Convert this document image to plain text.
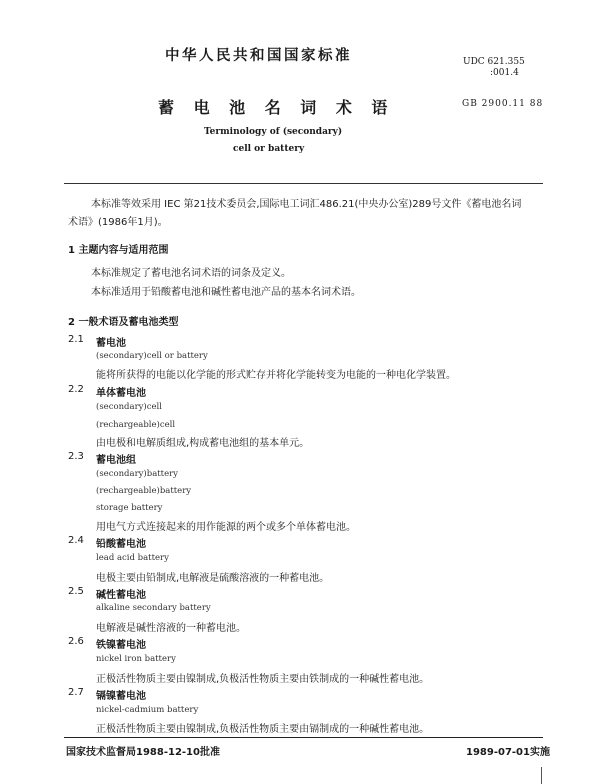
中华人民共和国国家标准	UDC 621.355
:001.4
蓄 电 池 名 词 术 语	GB 2900.11 88
Terminology of (secondary)
cell or battery
本标准等效采用 IEC 第21技术委员会,国际电工词汇486.21(中央办公室)289号文件《蓄电池名词
术语》(1986年1月)。
1 主题内容与适用范围
本标准规定了蓄电池名词术语的词条及定义。
本标准适用于铅酸蓄电池和碱性蓄电池产品的基本名词术语。
2 一般术语及蓄电池类型
2.1 蓄电池
(secondary)cell or battery
能将所获得的电能以化学能的形式贮存并将化学能转变为电能的一种电化学装置。
2.2 单体蓄电池
(secondary)cell
(rechargeable)cell
由电极和电解质组成,构成蓄电池组的基本单元。
2.3 蓄电池组
(secondary)battery
(rechargeable)battery
storage battery
用电气方式连接起来的用作能源的两个或多个单体蓄电池。
2.4 铅酸蓄电池
lead acid battery
电极主要由铅制成,电解液是硫酸溶液的一种蓄电池。
2.5 碱性蓄电池
alkaline secondary battery
电解液是碱性溶液的一种蓄电池。
2.6 铁镍蓄电池
nickel iron battery
正极活性物质主要由镍制成,负极活性物质主要由铁制成的一种碱性蓄电池。
2.7 镉镍蓄电池
nickel-cadmium battery
正极活性物质主要由镍制成,负极活性物质主要由镉制成的一种碱性蓄电池。
国家技术监督局1988-12-10批准	1989-07-01实施
